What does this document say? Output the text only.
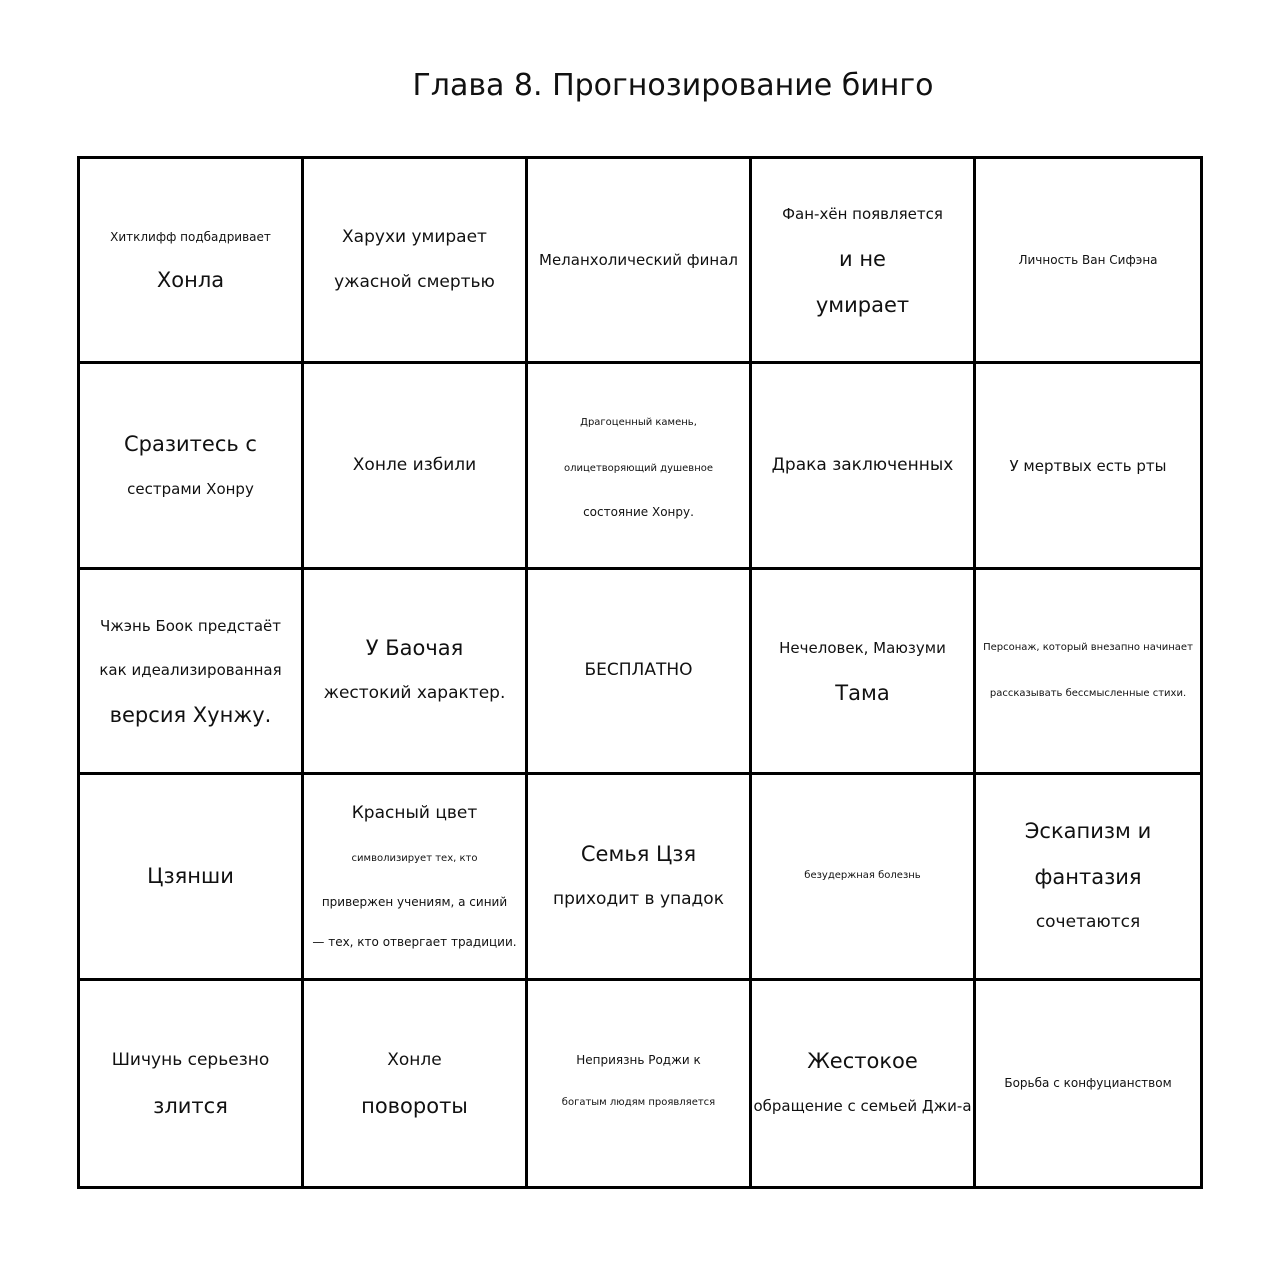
Глава 8. Прогнозирование бинго
Хитклифф подбадривает
Хонла
Харухи умирает
ужасной смертью
Меланхолический финал
Фан-хён появляется
и не
умирает
Личность Ван Сифэна
Сразитесь с
сестрами Хонру
Хонле избили
Драгоценный камень,
олицетворяющий душевное
состояние Хонру.
Драка заключенных	У мертвых есть рты
Чжэнь Боок предстаёт
как идеализированная
версия Хунжу.
У Баочая
жестокий характер.
БЕСПЛАТНО
Нечеловек, Маюзуми
Тама
Персонаж, который внезапно начинает
рассказывать бессмысленные стихи.
Цзянши
Красный цвет
символизирует тех, кто
привержен учениям, а синий
— тех, кто отвергает традиции.
Семья Цзя
приходит в упадок
безудержная болезнь
Эскапизм и
фантазия
сочетаются
Шичунь серьезно
злится
Хонле
повороты
Неприязнь Роджи к
богатым людям проявляется
Жестокое
обращение с семьей Джи-а
Борьба с конфуцианством
